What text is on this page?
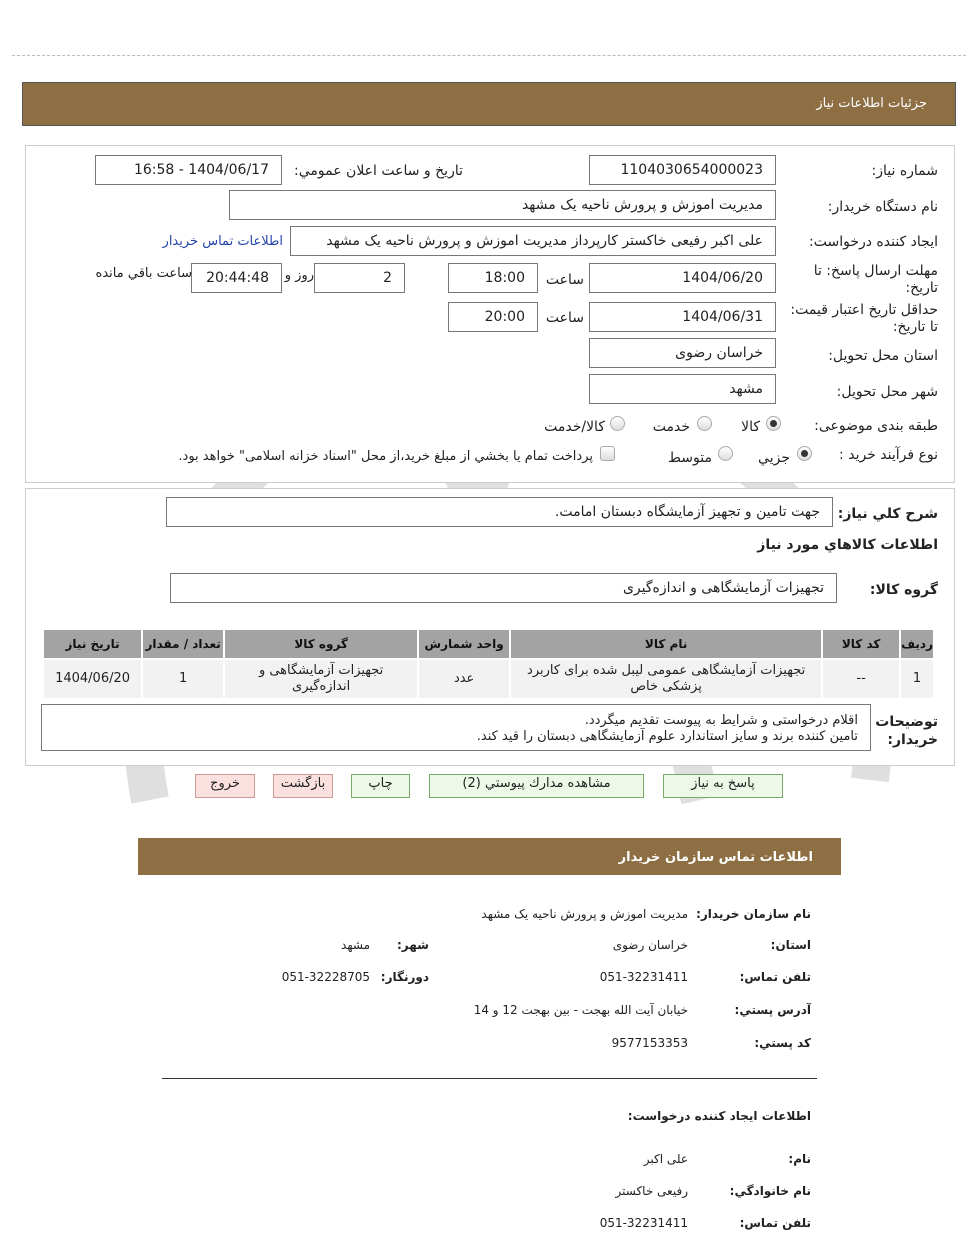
جزئیات اطلاعات نیاز
شماره نیاز:
1104030654000023
تاريخ و ساعت اعلان عمومي:
1404/06/17 - 16:58
نام دستگاه خريدار:
مديريت اموزش و پرورش ناحيه يک مشهد
ايجاد کننده درخواست:
علی اکبر رفیعی خاکستر کارپرداز مديريت اموزش و پرورش ناحيه يک مشهد
اطلاعات تماس خريدار
مهلت ارسال پاسخ: تا
تاريخ:
1404/06/20
ساعت
18:00
2
روز و
20:44:48
ساعت باقي مانده
حداقل تاريخ اعتبار قيمت:
تا تاريخ:
1404/06/31
ساعت
20:00
استان محل تحويل:
خراسان رضوی
شهر محل تحويل:
مشهد
طبقه بندی موضوعی:
کالا
خدمت
کالا/خدمت
نوع فرآيند خريد :
جزيي
متوسط
پرداخت تمام يا بخشي از مبلغ خريد،از محل "اسناد خزانه اسلامی" خواهد بود.
شرح کلي نياز:
جهت تامین و تجهیز آزمایشگاه دبستان امامت.
اطلاعات کالاهاي مورد نياز
گروه کالا:
تجهیزات آزمایشگاهی و اندازه‌گیری
رديف	کد کالا	نام کالا	واحد شمارش	گروه کالا	تعداد / مقدار	تاريخ نياز
1	--	تجهیزات آزمایشگاهی عمومی لیبل شده برای کاربرد پزشکی خاص	عدد	تجهیزات آزمایشگاهی و اندازه‌گیری	1	1404/06/20
توضيحات
خريدار:
اقلام درخواستی و شرایط به پیوست تقدیم میگردد.
تامین کننده برند و سایز استاندارد علوم آزمایشگاهی دبستان را قید کند.
پاسخ به نياز
مشاهده مدارك پيوستي (2)
چاپ
بازگشت
خروج
اطلاعات تماس سازمان خريدار
نام سازمان خريدار:
مديريت اموزش و پرورش ناحيه يک مشهد
استان:
خراسان رضوی
شهر:
مشهد
تلفن تماس:
051-32231411
دورنگار:
051-32228705
آدرس پستي:
خیابان آیت الله بهجت - بین بهجت 12 و 14
کد پستي:
9577153353
اطلاعات ايجاد کننده درخواست:
نام:
علی اکبر
نام خانوادگي:
رفیعی خاکستر
تلفن تماس:
051-32231411
